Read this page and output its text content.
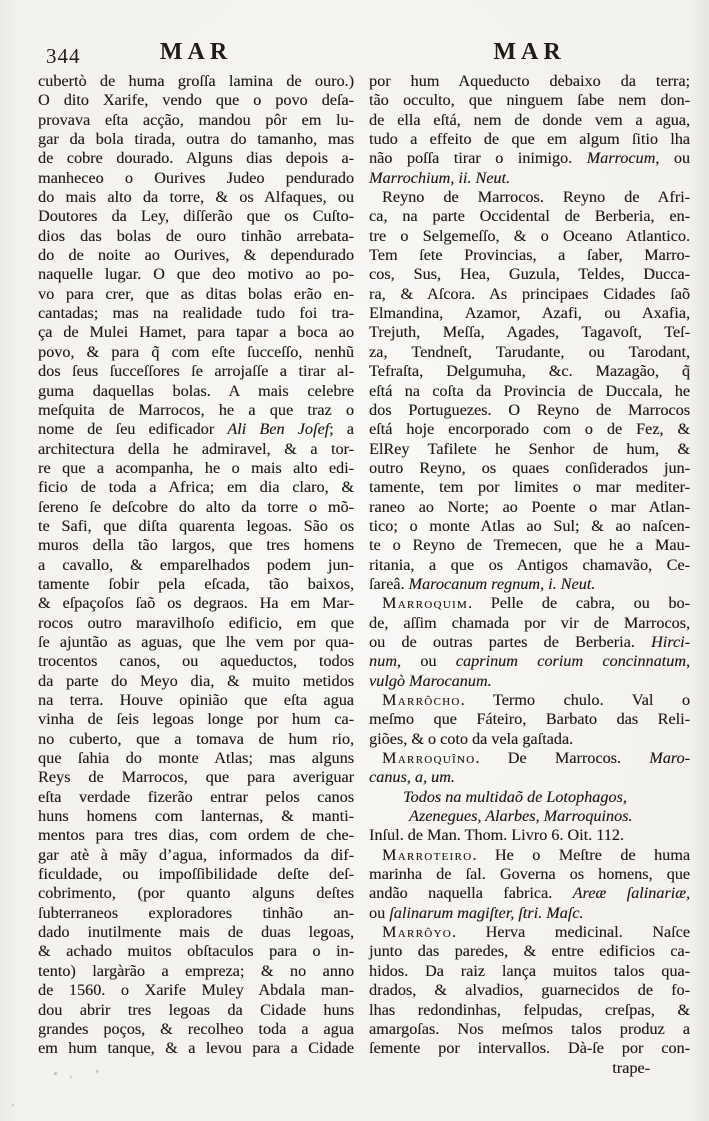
344	MAR	MAR
cubertò de huma groſſa lamina de ouro.)
O dito Xarife, vendo que o povo deſa-
provava eſta acção, mandou pôr em lu-
gar da bola tirada, outra do tamanho, mas
de cobre dourado. Alguns dias depois a-
manheceo o Ourives Judeo pendurado
do mais alto da torre, & os Alfaques, ou
Doutores da Ley, diſſerão que os Cuſto-
dios das bolas de ouro tinhão arrebata-
do de noite ao Ourives, & dependurado
naquelle lugar. O que deo motivo ao po-
vo para crer, que as ditas bolas erão en-
cantadas; mas na realidade tudo foi tra-
ça de Mulei Hamet, para tapar a boca ao
povo, & para q̃ com eſte ſucceſſo, nenhũ
dos ſeus ſucceſſores ſe arrojaſſe a tirar al-
guma daquellas bolas. A mais celebre
meſquita de Marrocos, he a que traz o
nome de ſeu edificador Ali Ben Joſef; a
architectura della he admiravel, & a tor-
re que a acompanha, he o mais alto edi-
ficio de toda a Africa; em dia claro, &
ſereno ſe deſcobre do alto da torre o mõ-
te Safi, que diſta quarenta legoas. São os
muros della tão largos, que tres homens
a cavallo, & emparelhados podem jun-
tamente ſobir pela eſcada, tão baixos,
& eſpaçoſos ſaõ os degraos. Ha em Mar-
rocos outro maravilhoſo edificio, em que
ſe ajuntão as aguas, que lhe vem por qua-
trocentos canos, ou aqueductos, todos
da parte do Meyo dia, & muito metidos
na terra. Houve opinião que eſta agua
vinha de ſeis legoas longe por hum ca-
no cuberto, que a tomava de hum rio,
que ſahia do monte Atlas; mas alguns
Reys de Marrocos, que para averiguar
eſta verdade fizerão entrar pelos canos
huns homens com lanternas, & manti-
mentos para tres dias, com ordem de che-
gar atè à mãy d’agua, informados da dif-
ficuldade, ou impoſſibilidade deſte deſ-
cobrimento, (por quanto alguns deſtes
ſubterraneos exploradores tinhão an-
dado inutilmente mais de duas legoas,
& achado muitos obſtaculos para o in-
tento) largàrão a empreza; & no anno
de 1560. o Xarife Muley Abdala man-
dou abrir tres legoas da Cidade huns
grandes poços, & recolheo toda a agua
em hum tanque, & a levou para a Cidade
por hum Aqueducto debaixo da terra;
tão occulto, que ninguem ſabe nem don-
de ella eſtá, nem de donde vem a agua,
tudo a effeito de que em algum ſitio lha
não poſſa tirar o inimigo. Marrocum, ou
Marrochium, ii. Neut.
Reyno de Marrocos. Reyno de Afri-
ca, na parte Occidental de Berberia, en-
tre o Selgemeſſo, & o Oceano Atlantico.
Tem ſete Provincias, a ſaber, Marro-
cos, Sus, Hea, Guzula, Teldes, Ducca-
ra, & Aſcora. As principaes Cidades ſaõ
Elmandina, Azamor, Azafi, ou Axafia,
Trejuth, Meſſa, Agades, Tagavoſt, Teſ-
za, Tendneſt, Tarudante, ou Tarodant,
Tefraſta, Delgumuha, &c. Mazagão, q̃
eſtá na coſta da Provincia de Duccala, he
dos Portuguezes. O Reyno de Marrocos
eſtá hoje encorporado com o de Fez, &
ElRey Tafilete he Senhor de hum, &
outro Reyno, os quaes conſiderados jun-
tamente, tem por limites o mar mediter-
raneo ao Norte; ao Poente o mar Atlan-
tico; o monte Atlas ao Sul; & ao naſcen-
te o Reyno de Tremecen, que he a Mau-
ritania, a que os Antigos chamavão, Ce-
ſareâ. Marocanum regnum, i. Neut.
Marroquim. Pelle de cabra, ou bo-
de, aſſim chamada por vir de Marrocos,
ou de outras partes de Berberia. Hirci-
num, ou caprinum corium concinnatum,
vulgò Marocanum.
Marrôcho. Termo chulo. Val o
meſmo que Fáteiro, Barbato das Reli-
giões, & o coto da vela gaſtada.
Marroquîno. De Marrocos. Maro-
canus, a, um.
Todos na multidaõ de Lotophagos,
Azenegues, Alarbes, Marroquinos.
Inſul. de Man. Thom. Livro 6. Oit. 112.
Marroteiro. He o Meſtre de huma
marinha de ſal. Governa os homens, que
andão naquella fabrica. Areæ ſalinariæ,
ou ſalinarum magiſter, ſtri. Maſc.
Marrôyo. Herva medicinal. Naſce
junto das paredes, & entre edificios ca-
hidos. Da raiz lança muitos talos qua-
drados, & alvadios, guarnecidos de fo-
lhas redondinhas, felpudas, creſpas, &
amargoſas. Nos meſmos talos produz a
ſemente por intervallos. Dà-ſe por con-
trape-
